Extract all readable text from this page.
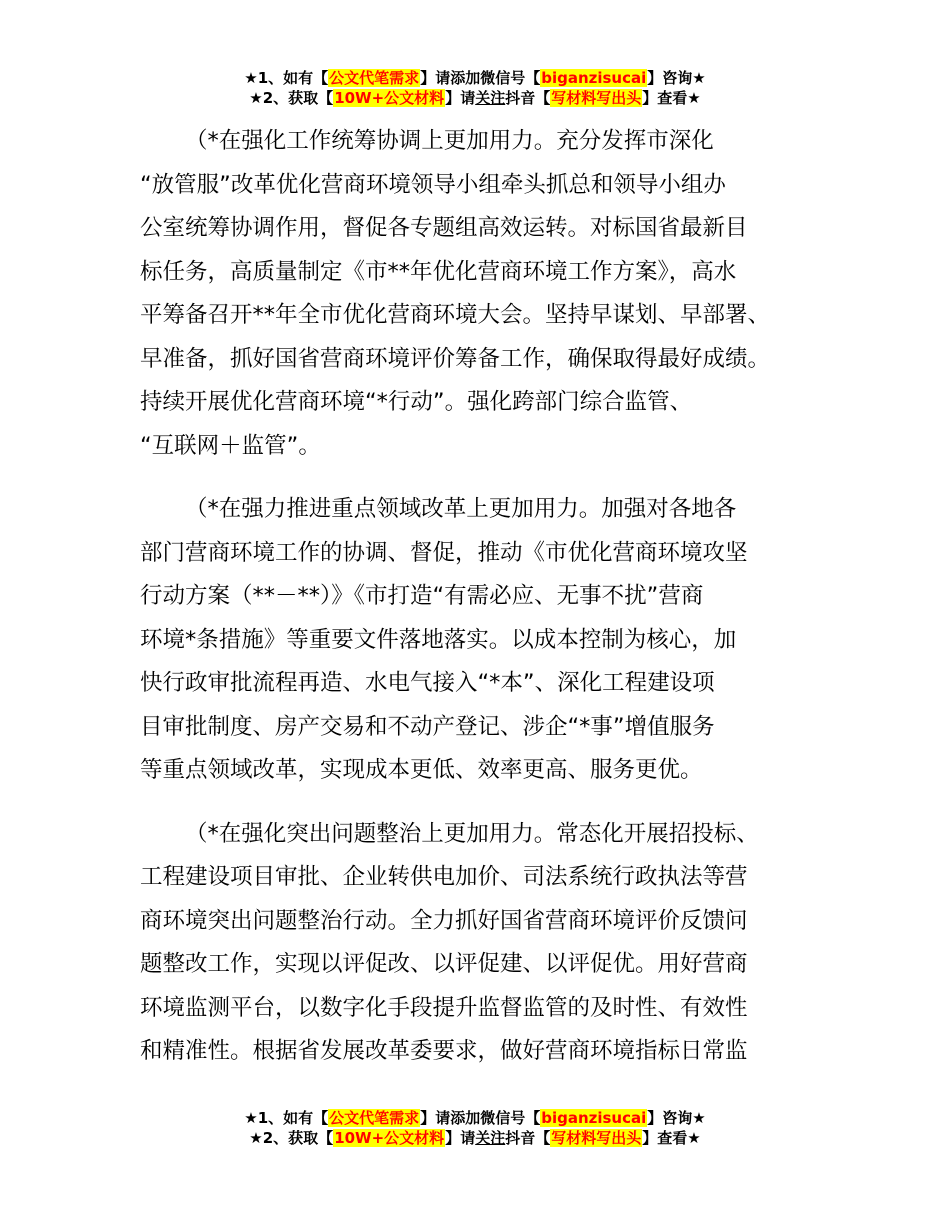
★1、如有【公文代笔需求】请添加微信号【biganzisucai】咨询★
★2、获取【10W+公文材料】请关注抖音【写材料写出头】查看★
（*在强化工作统筹协调上更加用力。充分发挥市深化
“放管服”改革优化营商环境领导小组牵头抓总和领导小组办
公室统筹协调作用，督促各专题组高效运转。对标国省最新目
标任务，高质量制定《市**年优化营商环境工作方案》，高水
平筹备召开**年全市优化营商环境大会。坚持早谋划、早部署、
早准备，抓好国省营商环境评价筹备工作，确保取得最好成绩。
持续开展优化营商环境“*行动”。强化跨部门综合监管、
“互联网＋监管”。
（*在强力推进重点领域改革上更加用力。加强对各地各
部门营商环境工作的协调、督促，推动《市优化营商环境攻坚
行动方案（**－**）》《市打造“有需必应、无事不扰”营商
环境*条措施》等重要文件落地落实。以成本控制为核心，加
快行政审批流程再造、水电气接入“*本”、深化工程建设项
目审批制度、房产交易和不动产登记、涉企“*事”增值服务
等重点领域改革，实现成本更低、效率更高、服务更优。
（*在强化突出问题整治上更加用力。常态化开展招投标、
工程建设项目审批、企业转供电加价、司法系统行政执法等营
商环境突出问题整治行动。全力抓好国省营商环境评价反馈问
题整改工作，实现以评促改、以评促建、以评促优。用好营商
环境监测平台，以数字化手段提升监督监管的及时性、有效性
和精准性。根据省发展改革委要求，做好营商环境指标日常监
★1、如有【公文代笔需求】请添加微信号【biganzisucai】咨询★
★2、获取【10W+公文材料】请关注抖音【写材料写出头】查看★
